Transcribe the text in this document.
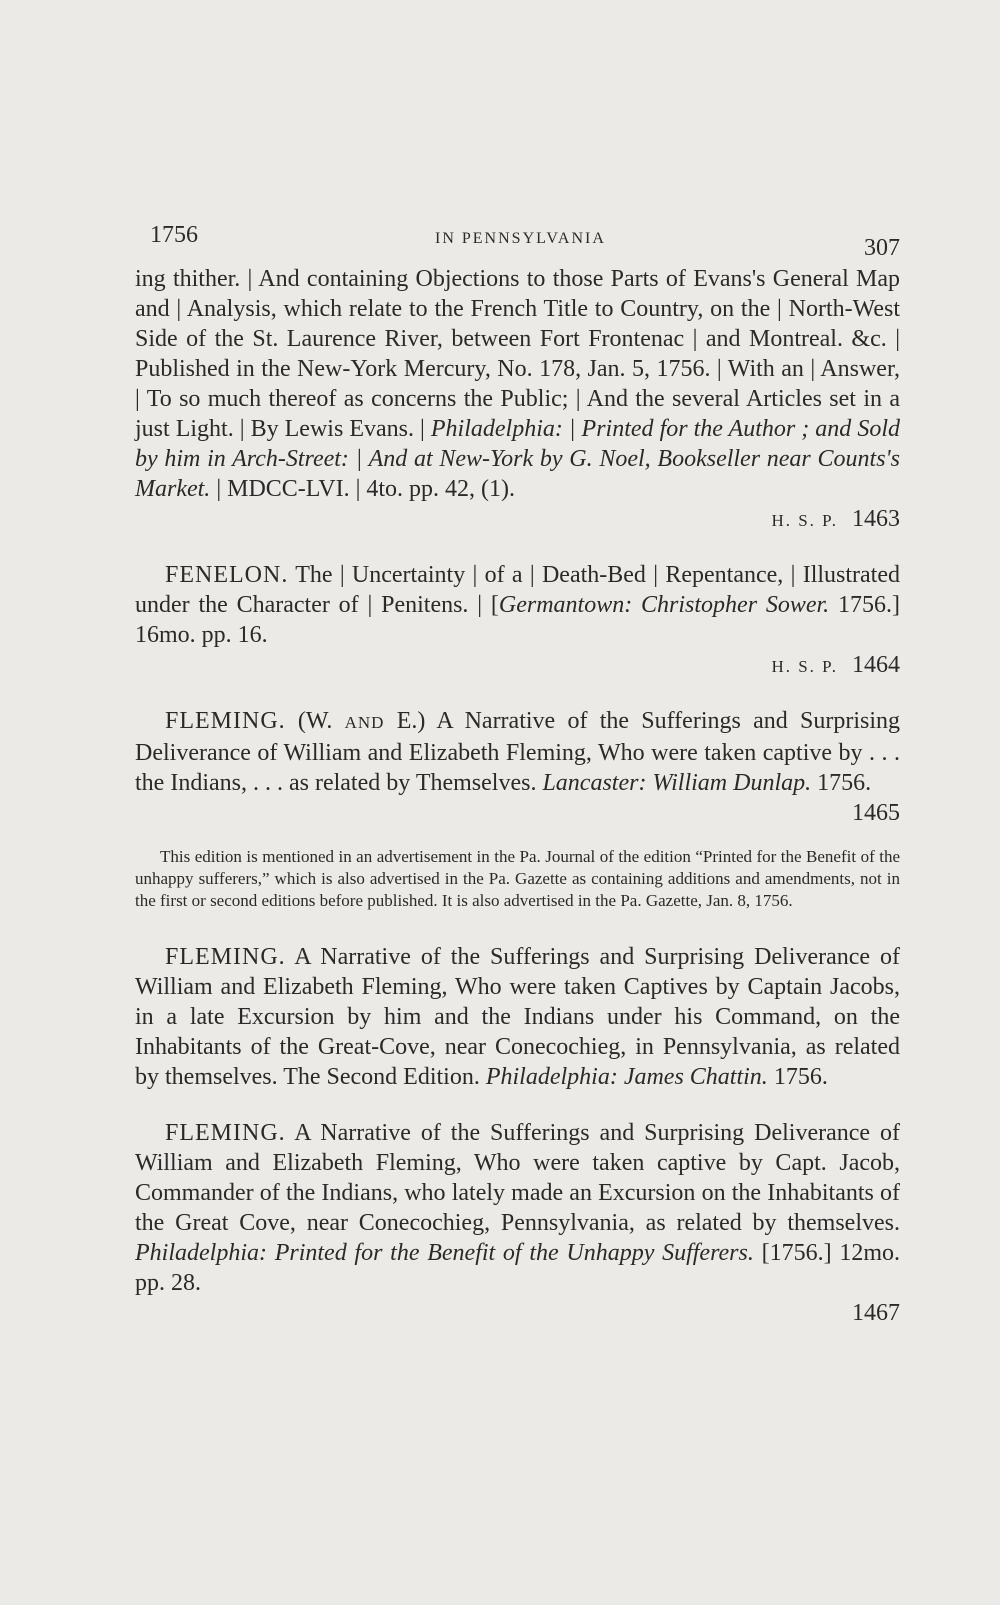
1756	IN PENNSYLVANIA	307

ing thither. | And containing Objections to those Parts of Evans's General Map and | Analysis, which relate to the French Title to Country, on the | North-West Side of the St. Laurence River, between Fort Frontenac | and Montreal. &c. | Published in the New-York Mercury, No. 178, Jan. 5, 1756. | With an | Answer, | To so much thereof as concerns the Public; | And the several Articles set in a just Light. | By Lewis Evans. | Philadelphia: | Printed for the Author ; and Sold by him in Arch-Street: | And at New-York by G. Noel, Bookseller near Counts's Market. | MDCC-LVI. | 4to. pp. 42, (1).

H. S. P. 1463

FENELON. The | Uncertainty | of a | Death-Bed | Repentance, | Illustrated under the Character of | Penitens. | [Germantown: Christopher Sower. 1756.] 16mo. pp. 16.

H. S. P. 1464

FLEMING. (W. AND E.) A Narrative of the Sufferings and Surprising Deliverance of William and Elizabeth Fleming, Who were taken captive by . . . the Indians, . . . as related by Themselves. Lancaster: William Dunlap. 1756.

1465

This edition is mentioned in an advertisement in the Pa. Journal of the edition “Printed for the Benefit of the unhappy sufferers,” which is also advertised in the Pa. Gazette as containing additions and amendments, not in the first or second editions before published. It is also advertised in the Pa. Gazette, Jan. 8, 1756.

FLEMING. A Narrative of the Sufferings and Surprising Deliverance of William and Elizabeth Fleming, Who were taken Captives by Captain Jacobs, in a late Excursion by him and the Indians under his Command, on the Inhabitants of the Great-Cove, near Conecochieg, in Pennsylvania, as related by themselves. The Second Edition. Philadelphia: James Chattin. 1756.

FLEMING. A Narrative of the Sufferings and Surprising Deliverance of William and Elizabeth Fleming, Who were taken captive by Capt. Jacob, Commander of the Indians, who lately made an Excursion on the Inhabitants of the Great Cove, near Conecochieg, Pennsylvania, as related by themselves. Philadelphia: Printed for the Benefit of the Unhappy Sufferers. [1756.] 12mo. pp. 28.

1467
